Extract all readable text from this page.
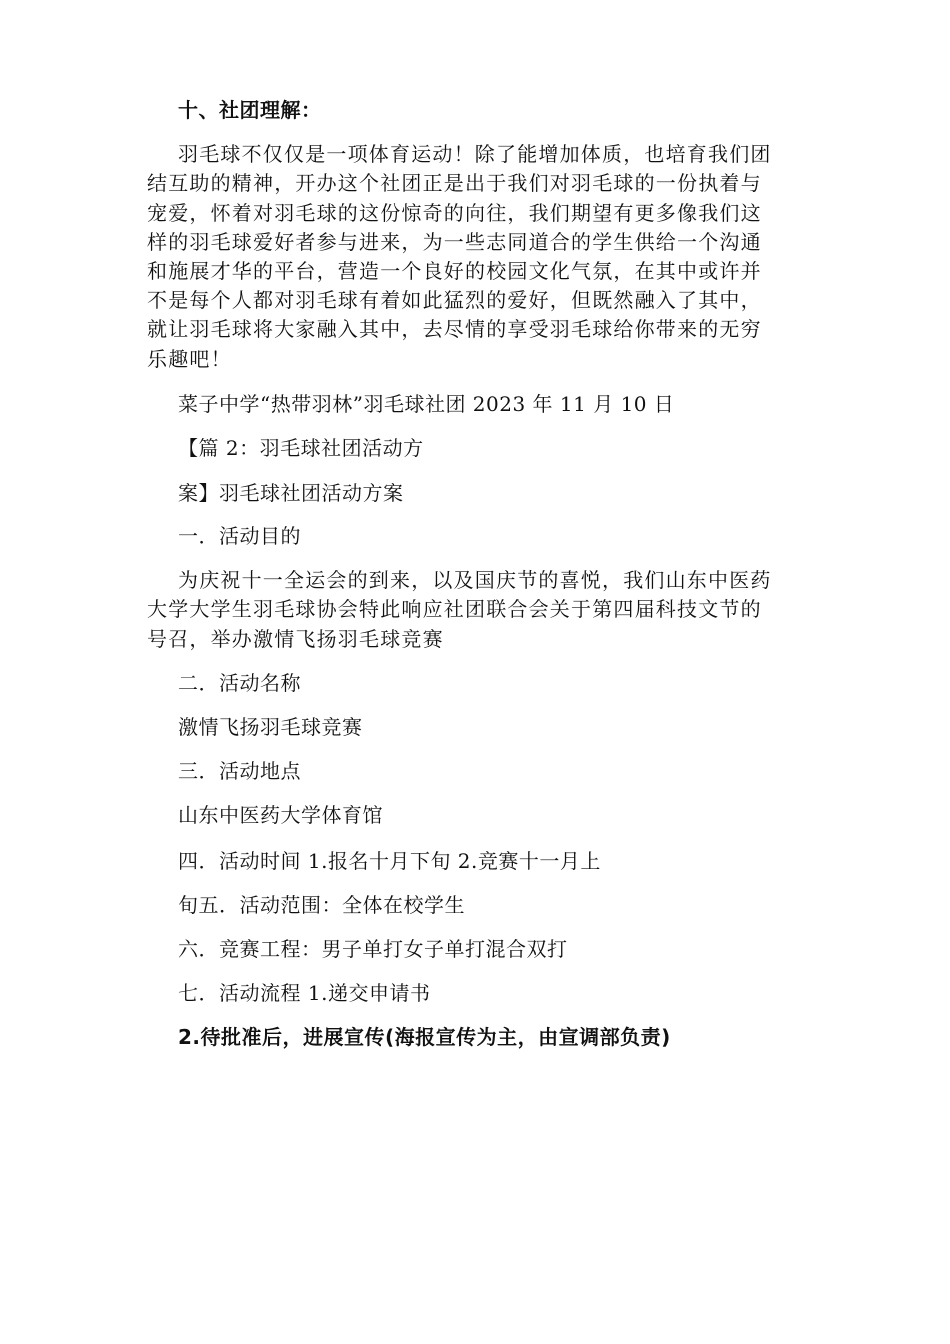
十、社团理解：
羽毛球不仅仅是一项体育运动！除了能增加体质，也培育我们团
结互助的精神，开办这个社团正是出于我们对羽毛球的一份执着与
宠爱，怀着对羽毛球的这份惊奇的向往，我们期望有更多像我们这
样的羽毛球爱好者参与进来，为一些志同道合的学生供给一个沟通
和施展才华的平台，营造一个良好的校园文化气氛，在其中或许并
不是每个人都对羽毛球有着如此猛烈的爱好，但既然融入了其中，
就让羽毛球将大家融入其中，去尽情的享受羽毛球给你带来的无穷
乐趣吧！
菜子中学“热带羽林”羽毛球社团 2023 年 11 月 10 日
【篇 2：羽毛球社团活动方
案】羽毛球社团活动方案
一．活动目的
为庆祝十一全运会的到来，以及国庆节的喜悦，我们山东中医药
大学大学生羽毛球协会特此响应社团联合会关于第四届科技文节的
号召，举办激情飞扬羽毛球竞赛
二．活动名称
激情飞扬羽毛球竞赛
三．活动地点
山东中医药大学体育馆
四．活动时间 1.报名十月下旬 2.竞赛十一月上
旬五．活动范围：全体在校学生
六．竞赛工程：男子单打女子单打混合双打
七．活动流程 1.递交申请书
2.待批准后，进展宣传(海报宣传为主，由宣调部负责)
